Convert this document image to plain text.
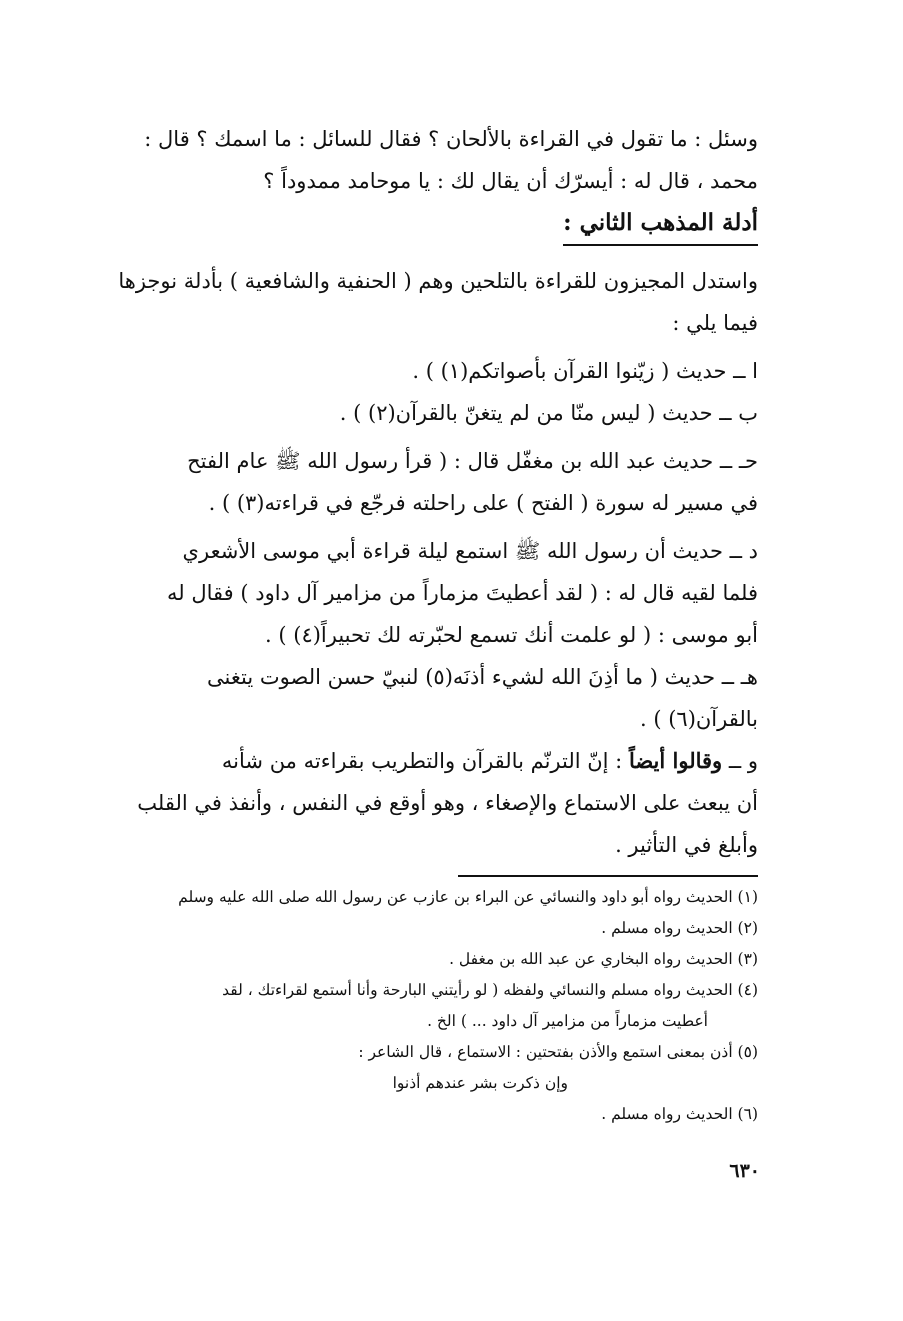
وسئل : ما تقول في القراءة بالألحان ؟ فقال للسائل : ما اسمك ؟ قال :
محمد ، قال له : أيسرّك أن يقال لك : يا موحامد ممدوداً ؟
أدلة المذهب الثاني :
واستدل المجيزون للقراءة بالتلحين وهم ( الحنفية والشافعية ) بأدلة نوجزها
فيما يلي :
ا ــ حديث ( زيّنوا القرآن بأصواتكم(١) ) .
ب ــ حديث ( ليس منّا من لم يتغنّ بالقرآن(٢) ) .
حـ ــ حديث عبد الله بن مغفّل قال : ( قرأ رسول الله ﷺ عام الفتح
في مسير له سورة ( الفتح ) على راحلته فرجّع في قراءته(٣) ) .
د ــ حديث أن رسول الله ﷺ استمع ليلة قراءة أبي موسى الأشعري
فلما لقيه قال له : ( لقد أعطيتَ مزماراً من مزامير آل داود ) فقال له
أبو موسى : ( لو علمت أنك تسمع لحبّرته لك تحبيراً(٤) ) .
هـ ــ حديث ( ما أذِنَ الله لشيء أذنَه(٥) لنبيّ حسن الصوت يتغنى
بالقرآن(٦) ) .
و ــ وقالوا أيضاً : إنّ الترنّم بالقرآن والتطريب بقراءته من شأنه
أن يبعث على الاستماع والإصغاء ، وهو أوقع في النفس ، وأنفذ في القلب
وأبلغ في التأثير .
(١) الحديث رواه أبو داود والنسائي عن البراء بن عازب عن رسول الله صلى الله عليه وسلم
(٢) الحديث رواه مسلم .
(٣) الحديث رواه البخاري عن عبد الله بن مغفل .
(٤) الحديث رواه مسلم والنسائي ولفظه ( لو رأيتني البارحة وأنا أستمع لقراءتك ، لقد
أعطيت مزماراً من مزامير آل داود ... ) الخ .
(٥) أذن بمعنى استمع والأذن بفتحتين : الاستماع ، قال الشاعر :
وإن ذكرت بشر عندهم أذنوا
(٦) الحديث رواه مسلم .
٦٣٠
